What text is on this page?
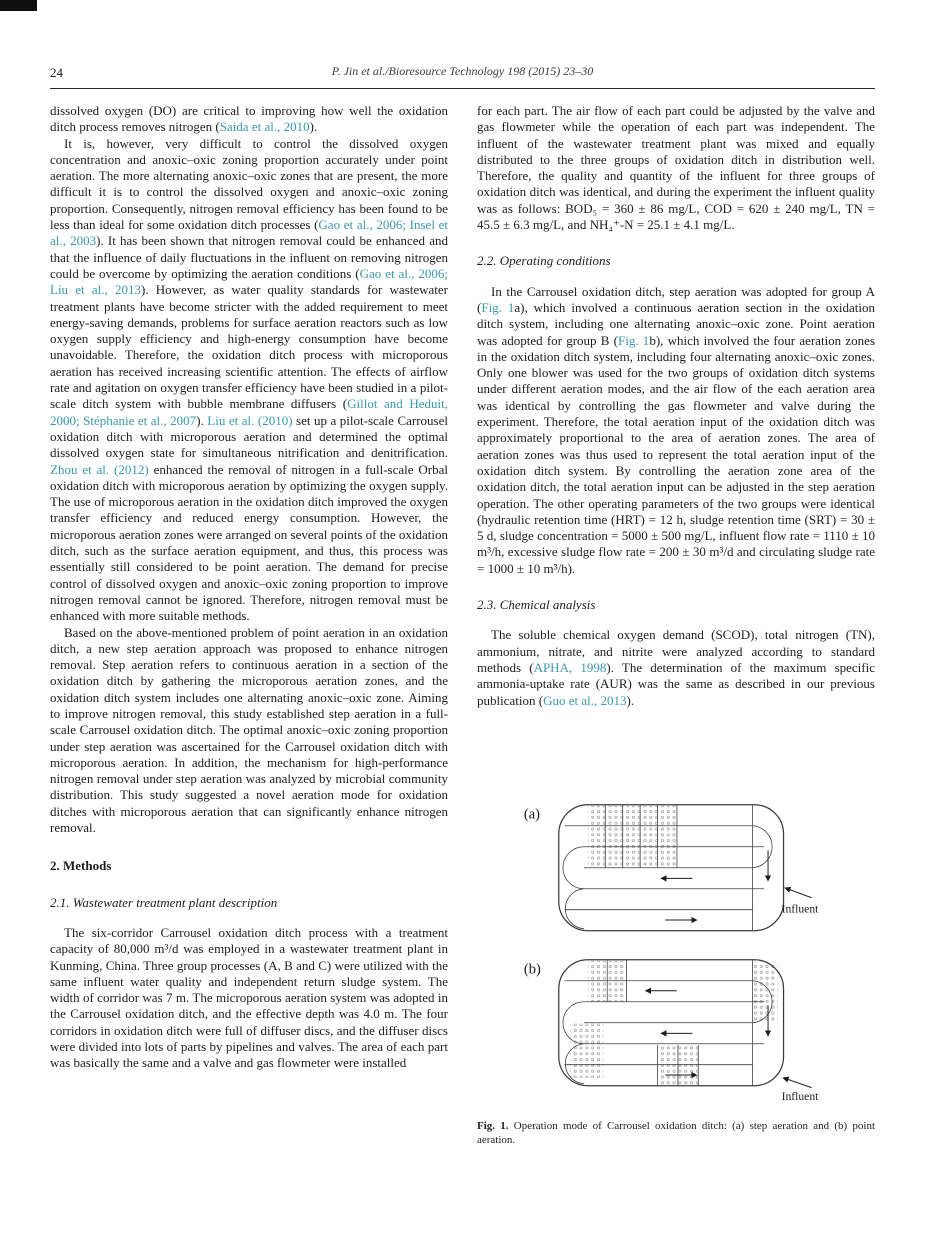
24	P. Jin et al./Bioresource Technology 198 (2015) 23–30

dissolved oxygen (DO) are critical to improving how well the oxidation ditch process removes nitrogen (Saida et al., 2010).

It is, however, very difficult to control the dissolved oxygen concentration and anoxic–oxic zoning proportion accurately under point aeration. The more alternating anoxic–oxic zones that are present, the more difficult it is to control the dissolved oxygen and anoxic–oxic zoning proportion. Consequently, nitrogen removal efficiency has been found to be less than ideal for some oxidation ditch processes (Gao et al., 2006; Insel et al., 2003). It has been shown that nitrogen removal could be enhanced and that the influence of daily fluctuations in the influent on removing nitrogen could be overcome by optimizing the aeration conditions (Gao et al., 2006; Liu et al., 2013). However, as water quality standards for wastewater treatment plants have become stricter with the added requirement to meet energy-saving demands, problems for surface aeration reactors such as low oxygen supply efficiency and high-energy consumption have become unavoidable. Therefore, the oxidation ditch process with microporous aeration has received increasing scientific attention. The effects of airflow rate and agitation on oxygen transfer efficiency have been studied in a pilot-scale ditch system with bubble membrane diffusers (Gillot and Heduit, 2000; Stéphanie et al., 2007). Liu et al. (2010) set up a pilot-scale Carrousel oxidation ditch with microporous aeration and determined the optimal dissolved oxygen state for simultaneous nitrification and denitrification. Zhou et al. (2012) enhanced the removal of nitrogen in a full-scale Orbal oxidation ditch with microporous aeration by optimizing the oxygen supply. The use of microporous aeration in the oxidation ditch improved the oxygen transfer efficiency and reduced energy consumption. However, the microporous aeration zones were arranged on several points of the oxidation ditch, such as the surface aeration equipment, and thus, this process was essentially still considered to be point aeration. The demand for precise control of dissolved oxygen and anoxic–oxic zoning proportion to improve nitrogen removal cannot be ignored. Therefore, nitrogen removal must be enhanced with more suitable methods.

Based on the above-mentioned problem of point aeration in an oxidation ditch, a new step aeration approach was proposed to enhance nitrogen removal. Step aeration refers to continuous aeration in a section of the oxidation ditch by gathering the microporous aeration zones, and the oxidation ditch system includes one alternating anoxic–oxic zone. Aiming to improve nitrogen removal, this study established step aeration in a full-scale Carrousel oxidation ditch. The optimal anoxic–oxic zoning proportion under step aeration was ascertained for the Carrousel oxidation ditch with microporous aeration. In addition, the mechanism for high-performance nitrogen removal under step aeration was analyzed by microbial community distribution. This study suggested a novel aeration mode for oxidation ditches with microporous aeration that can significantly enhance nitrogen removal.

2. Methods
2.1. Wastewater treatment plant description

The six-corridor Carrousel oxidation ditch process with a treatment capacity of 80,000 m³/d was employed in a wastewater treatment plant in Kunming, China. Three group processes (A, B and C) were utilized with the same influent water quality and independent return sludge system. The width of corridor was 7 m. The microporous aeration system was adopted in the Carrousel oxidation ditch, and the effective depth was 4.0 m. The four corridors in oxidation ditch were full of diffuser discs, and the diffuser discs were divided into lots of parts by pipelines and valves. The area of each part was basically the same and a valve and gas flowmeter were installed

for each part. The air flow of each part could be adjusted by the valve and gas flowmeter while the operation of each part was independent. The influent of the wastewater treatment plant was mixed and equally distributed to the three groups of oxidation ditch in distribution well. Therefore, the quality and quantity of the influent for three groups of oxidation ditch was identical, and during the experiment the influent quality was as follows: BOD₅ = 360 ± 86 mg/L, COD = 620 ± 240 mg/L, TN = 45.5 ± 6.3 mg/L, and NH₄⁺-N = 25.1 ± 4.1 mg/L.

2.2. Operating conditions

In the Carrousel oxidation ditch, step aeration was adopted for group A (Fig. 1a), which involved a continuous aeration section in the oxidation ditch system, including one alternating anoxic–oxic zone. Point aeration was adopted for group B (Fig. 1b), which involved the four aeration zones in the oxidation ditch system, including four alternating anoxic–oxic zones. Only one blower was used for the two groups of oxidation ditch systems under different aeration modes, and the air flow of the each aeration area was identical by controlling the gas flowmeter and valve during the experiment. Therefore, the total aeration input of the oxidation ditch was approximately proportional to the area of aeration zones. The area of aeration zones was thus used to represent the total aeration input of the oxidation ditch system. By controlling the aeration zone area of the oxidation ditch, the total aeration input can be adjusted in the step aeration operation. The other operating parameters of the two groups were identical (hydraulic retention time (HRT) = 12 h, sludge retention time (SRT) = 30 ± 5 d, sludge concentration = 5000 ± 500 mg/L, influent flow rate = 1110 ± 10 m³/h, excessive sludge flow rate = 200 ± 30 m³/d and circulating sludge rate = 1000 ± 10 m³/h).

2.3. Chemical analysis

The soluble chemical oxygen demand (SCOD), total nitrogen (TN), ammonium, nitrate, and nitrite were analyzed according to standard methods (APHA, 1998). The determination of the maximum specific ammonia-uptake rate (AUR) was the same as described in our previous publication (Guo et al., 2013).

(a)
Influent
(b)
Influent
Fig. 1. Operation mode of Carrousel oxidation ditch: (a) step aeration and (b) point aeration.
